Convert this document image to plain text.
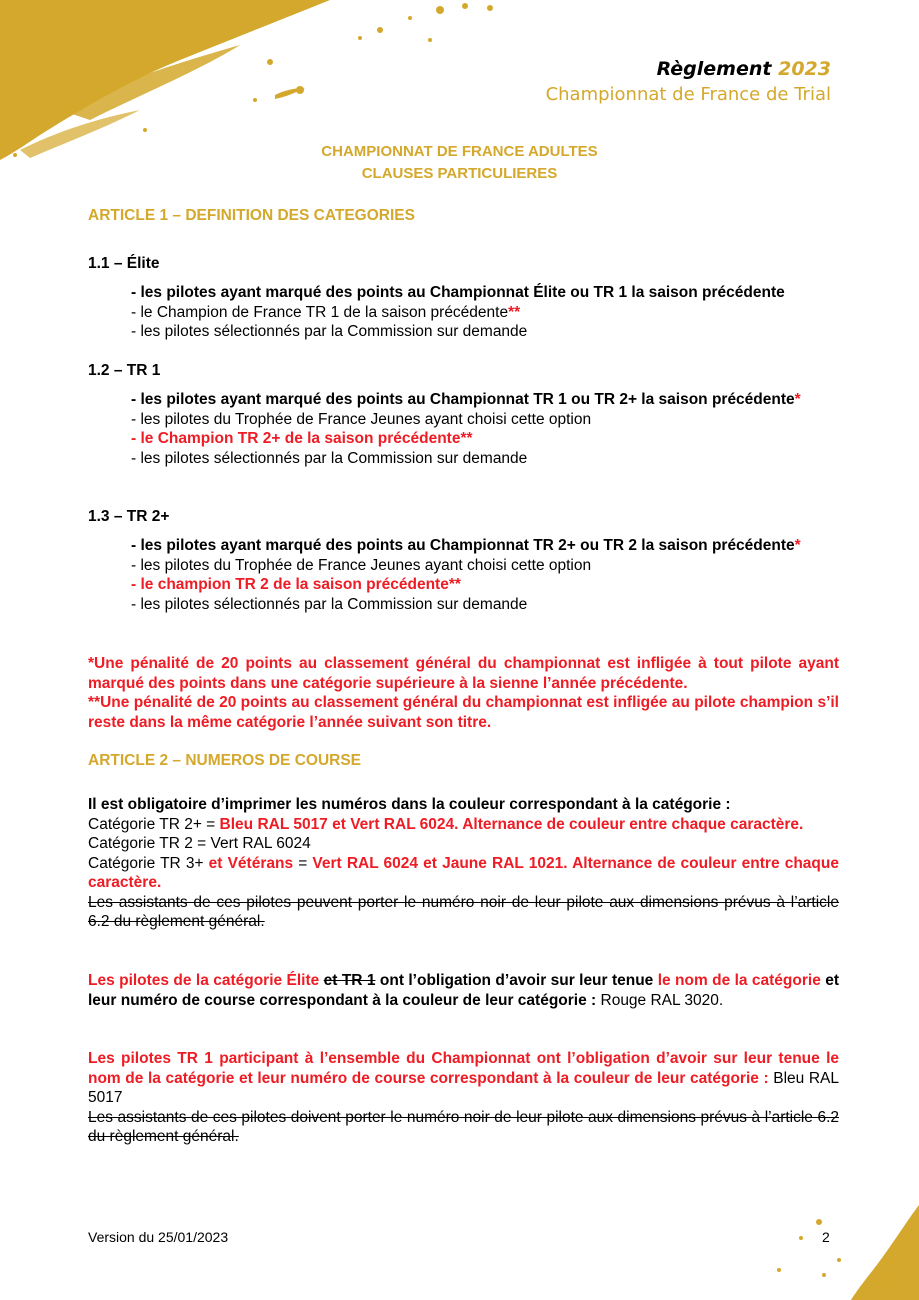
Règlement 2023
Championnat de France de Trial
CHAMPIONNAT DE FRANCE ADULTES
CLAUSES PARTICULIERES
ARTICLE 1 – DEFINITION DES CATEGORIES
1.1 – Élite
- les pilotes ayant marqué des points au Championnat Élite ou TR 1 la saison précédente
- le Champion de France TR 1 de la saison précédente**
- les pilotes sélectionnés par la Commission sur demande
1.2 – TR 1
- les pilotes ayant marqué des points au Championnat TR 1 ou TR 2+ la saison précédente*
- les pilotes du Trophée de France Jeunes ayant choisi cette option
- le Champion TR 2+ de la saison précédente**
- les pilotes sélectionnés par la Commission sur demande
1.3 – TR 2+
- les pilotes ayant marqué des points au Championnat TR 2+ ou TR 2 la saison précédente*
- les pilotes du Trophée de France Jeunes ayant choisi cette option
- le champion TR 2 de la saison précédente**
- les pilotes sélectionnés par la Commission sur demande
*Une pénalité de 20 points au classement général du championnat est infligée à tout pilote ayant marqué des points dans une catégorie supérieure à la sienne l’année précédente.
**Une pénalité de 20 points au classement général du championnat est infligée au pilote champion s’il reste dans la même catégorie l’année suivant son titre.
ARTICLE 2 – NUMEROS DE COURSE
Il est obligatoire d’imprimer les numéros dans la couleur correspondant à la catégorie :
Catégorie TR 2+ = Bleu RAL 5017 et Vert RAL 6024. Alternance de couleur entre chaque caractère.
Catégorie TR 2 = Vert RAL 6024
Catégorie TR 3+ et Vétérans = Vert RAL 6024 et Jaune RAL 1021. Alternance de couleur entre chaque caractère.
Les assistants de ces pilotes peuvent porter le numéro noir de leur pilote aux dimensions prévus à l’article 6.2 du règlement général.
Les pilotes de la catégorie Élite et TR 1 ont l’obligation d’avoir sur leur tenue le nom de la catégorie et leur numéro de course correspondant à la couleur de leur catégorie : Rouge RAL 3020.
Les pilotes TR 1 participant à l’ensemble du Championnat ont l’obligation d’avoir sur leur tenue le nom de la catégorie et leur numéro de course correspondant à la couleur de leur catégorie : Bleu RAL 5017
Les assistants de ces pilotes doivent porter le numéro noir de leur pilote aux dimensions prévus à l’article 6.2 du règlement général.
Version du 25/01/2023	2
